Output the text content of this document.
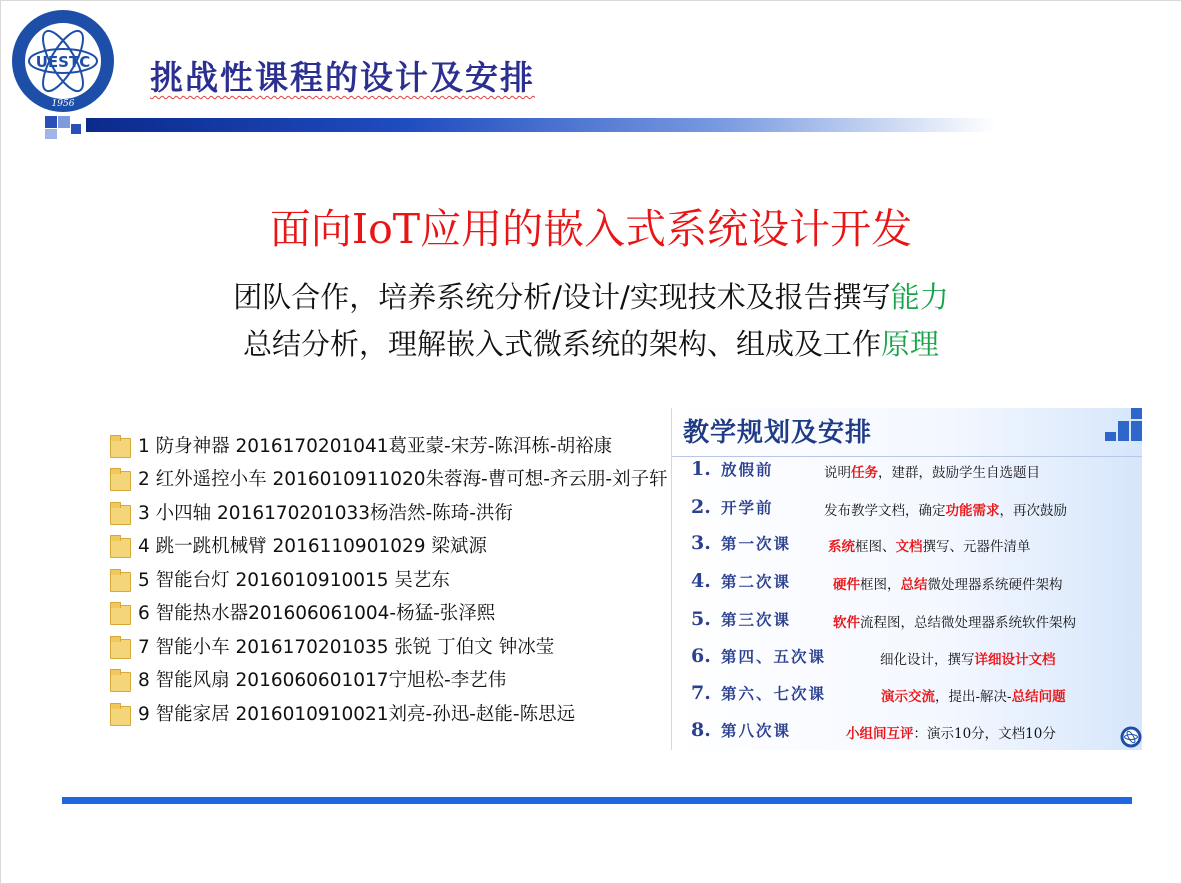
UESTC
1956
挑战性课程的设计及安排
面向IoT应用的嵌入式系统设计开发
团队合作，培养系统分析/设计/实现技术及报告撰写能力
总结分析，理解嵌入式微系统的架构、组成及工作原理
1 防身神器 2016170201041葛亚蒙-宋芳-陈洱栋-胡裕康
2 红外遥控小车 2016010911020朱蓉海-曹可想-齐云朋-刘子轩
3 小四轴 2016170201033杨浩然-陈琦-洪衔
4 跳一跳机械臂 2016110901029 梁斌源
5 智能台灯 2016010910015 吴艺东
6 智能热水器201606061004-杨猛-张泽熙
7 智能小车 2016170201035 张锐 丁伯文 钟冰莹
8 智能风扇 2016060601017宁旭松-李艺伟
9 智能家居 2016010910021刘亮-孙迅-赵能-陈思远
教学规划及安排
1. 放假前	说明任务，建群，鼓励学生自选题目
2. 开学前	发布教学文档，确定功能需求，再次鼓励
3. 第一次课	系统框图、文档撰写、元器件清单
4. 第二次课	硬件框图，总结微处理器系统硬件架构
5. 第三次课	软件流程图，总结微处理器系统软件架构
6. 第四、五次课	细化设计，撰写详细设计文档
7. 第六、七次课	演示交流，提出-解决-总结问题
8. 第八次课	小组间互评：演示10分，文档10分
